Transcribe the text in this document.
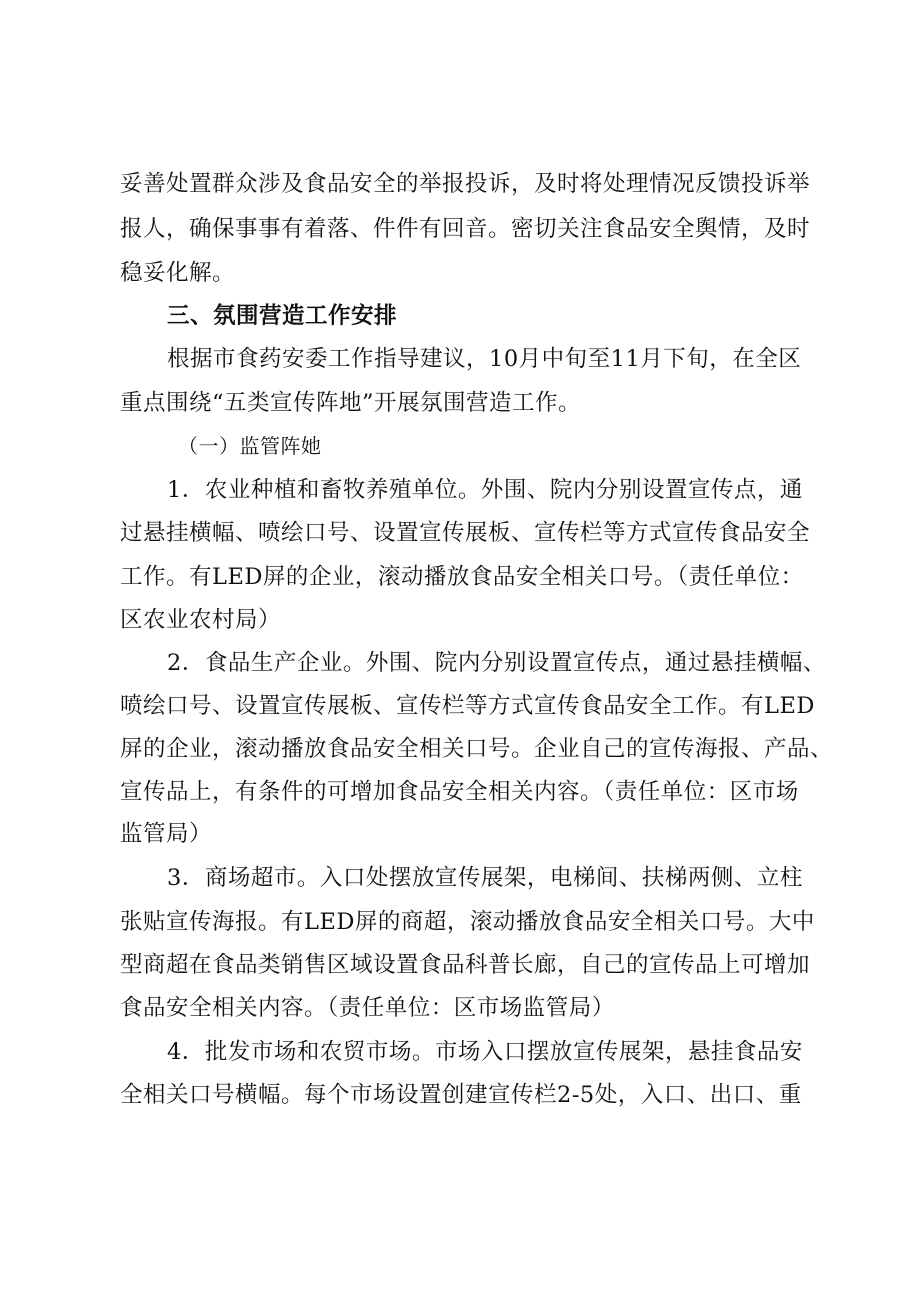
妥善处置群众涉及食品安全的举报投诉，及时将处理情况反馈投诉举
报人，确保事事有着落、件件有回音。密切关注食品安全舆情，及时
稳妥化解。
三、氛围营造工作安排
根据市食药安委工作指导建议，10月中旬至11月下旬，在全区
重点围绕“五类宣传阵地”开展氛围营造工作。
（一）监管阵她
1．农业种植和畜牧养殖单位。外围、院内分别设置宣传点，通
过悬挂横幅、喷绘口号、设置宣传展板、宣传栏等方式宣传食品安全
工作。有LED屏的企业，滚动播放食品安全相关口号。（责任单位：
区农业农村局）
2．食品生产企业。外围、院内分别设置宣传点，通过悬挂横幅、
喷绘口号、设置宣传展板、宣传栏等方式宣传食品安全工作。有LED
屏的企业，滚动播放食品安全相关口号。企业自己的宣传海报、产品、
宣传品上，有条件的可增加食品安全相关内容。（责任单位：区市场
监管局）
3．商场超市。入口处摆放宣传展架，电梯间、扶梯两侧、立柱
张贴宣传海报。有LED屏的商超，滚动播放食品安全相关口号。大中
型商超在食品类销售区域设置食品科普长廊，自己的宣传品上可增加
食品安全相关内容。（责任单位：区市场监管局）
4．批发市场和农贸市场。市场入口摆放宣传展架，悬挂食品安
全相关口号横幅。每个市场设置创建宣传栏2-5处，入口、出口、重
